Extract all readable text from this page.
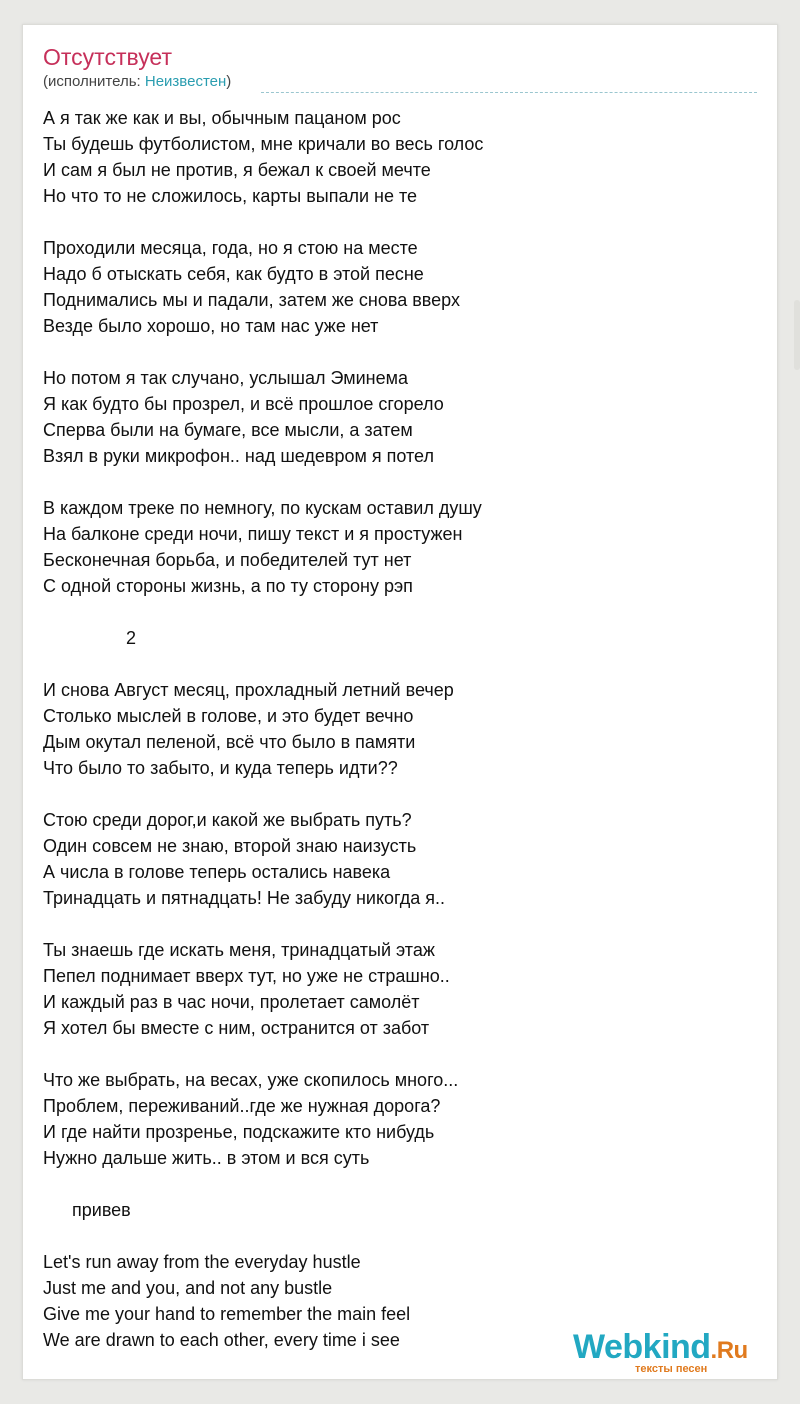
Отсутствует
(исполнитель: Неизвестен)
А я так же как и вы, обычным пацаном рос
Ты будешь футболистом, мне кричали во весь голос
И сам я был не против, я бежал к своей мечте
Но что то не сложилось, карты выпали не те
Проходили месяца, года, но я стою на месте
Надо б отыскать себя, как будто в этой песне
Поднимались мы и падали, затем же снова вверх
Везде было хорошо, но там нас уже нет
Но потом я так случано, услышал Эминема
Я как будто бы прозрел, и всё прошлое сгорело
Сперва были на бумаге, все мысли, а затем
Взял в руки микрофон.. над шедевром я потел
В каждом треке по немногу, по кускам оставил душу
На балконе среди ночи, пишу текст и я простужен
Бесконечная борьба, и победителей тут нет
С одной стороны жизнь, а по ту сторону рэп
2
И снова Август месяц, прохладный летний вечер
Столько мыслей в голове, и это будет вечно
Дым окутал пеленой, всё что было в памяти
Что было то забыто, и куда теперь идти??
Стою среди дорог,и какой же выбрать путь?
Один совсем не знаю, второй знаю наизусть
А числа в голове теперь остались навека
Тринадцать и пятнадцать! Не забуду никогда я..
Ты знаешь где искать меня, тринадцатый этаж
Пепел поднимает вверх тут, но уже не страшно..
И каждый раз в час ночи, пролетает самолёт
Я хотел бы вместе с ним, остранится от забот
Что же выбрать, на весах, уже скопилось много...
Проблем, переживаний..где же нужная дорога?
И где найти прозренье, подскажите кто нибудь
Нужно дальше жить.. в этом и вся суть
привев
Let's run away from the everyday hustle
Just me and you, and not any bustle
Give me your hand to remember the main feel
We are drawn to each other, every time i see	Webkind.Ru
тексты песен
